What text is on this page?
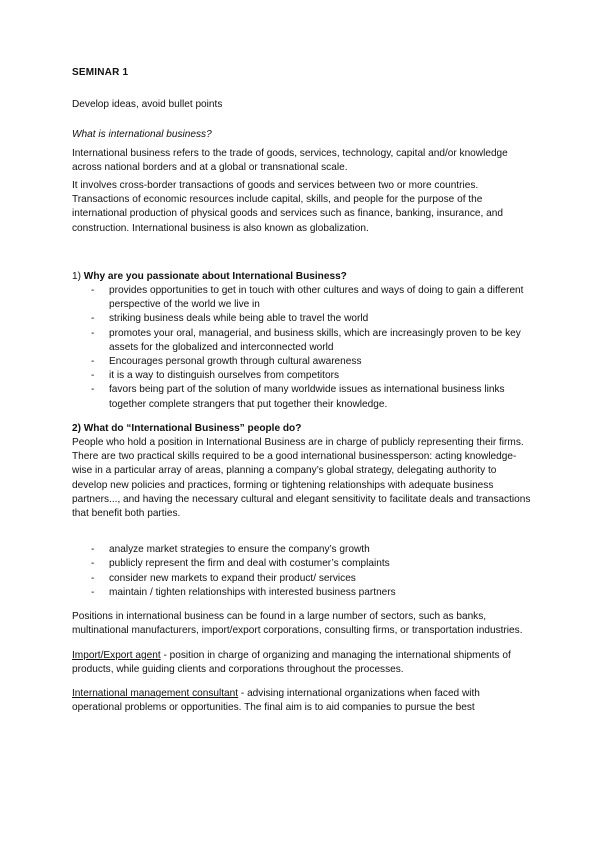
SEMINAR 1

Develop ideas, avoid bullet points

What is international business?

International business refers to the trade of goods, services, technology, capital and/or knowledge across national borders and at a global or transnational scale.

It involves cross-border transactions of goods and services between two or more countries. Transactions of economic resources include capital, skills, and people for the purpose of the international production of physical goods and services such as finance, banking, insurance, and construction. International business is also known as globalization.

1) Why are you passionate about International Business?

- provides opportunities to get in touch with other cultures and ways of doing to gain a different perspective of the world we live in
- striking business deals while being able to travel the world
- promotes your oral, managerial, and business skills, which are increasingly proven to be key assets for the globalized and interconnected world
- Encourages personal growth through cultural awareness
- it is a way to distinguish ourselves from competitors
- favors being part of the solution of many worldwide issues as international business links together complete strangers that put together their knowledge.

2) What do “International Business” people do?

People who hold a position in International Business are in charge of publicly representing their firms. There are two practical skills required to be a good international businessperson: acting knowledge-wise in a particular array of areas, planning a company’s global strategy, delegating authority to develop new policies and practices, forming or tightening relationships with adequate business partners..., and having the necessary cultural and elegant sensitivity to facilitate deals and transactions that benefit both parties.

- analyze market strategies to ensure the company’s growth
- publicly represent the firm and deal with costumer’s complaints
- consider new markets to expand their product/ services
- maintain / tighten relationships with interested business partners

Positions in international business can be found in a large number of sectors, such as banks, multinational manufacturers, import/export corporations, consulting firms, or transportation industries.

Import/Export agent - position in charge of organizing and managing the international shipments of products, while guiding clients and corporations throughout the processes.

International management consultant - advising international organizations when faced with operational problems or opportunities. The final aim is to aid companies to pursue the best
